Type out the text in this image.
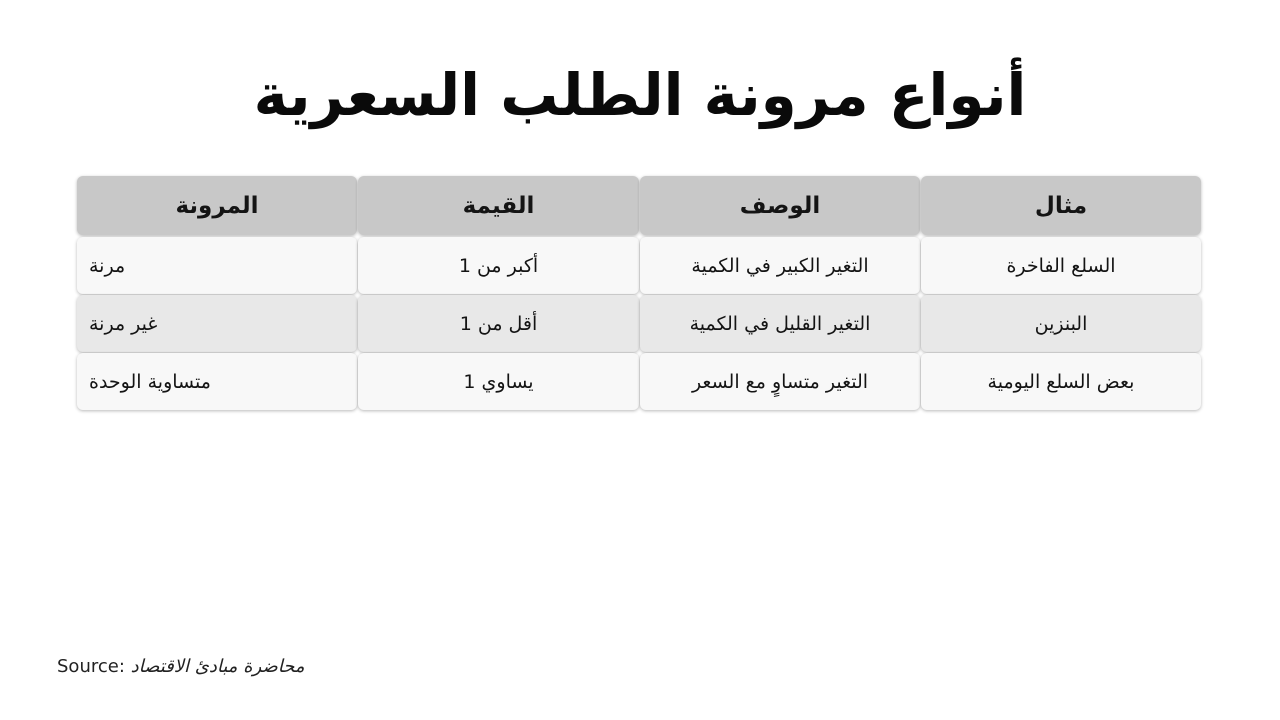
أنواع مرونة الطلب السعرية
المرونة	القيمة	الوصف	مثال
مرنة	أكبر من 1	التغير الكبير في الكمية	السلع الفاخرة
غير مرنة	أقل من 1	التغير القليل في الكمية	البنزين
متساوية الوحدة	يساوي 1	التغير متساوٍ مع السعر	بعض السلع اليومية
Source: محاضرة مبادئ الاقتصاد
